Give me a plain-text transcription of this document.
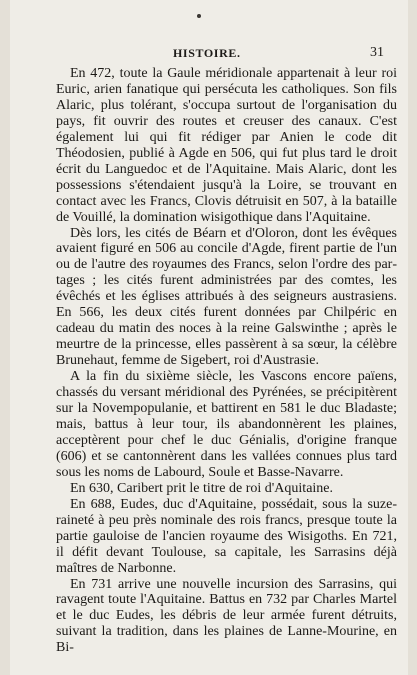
HISTOIRE.	31

En 472, toute la Gaule méridionale appartenait à leur roi Euric, arien fanatique qui persécuta les catholiques. Son fils Alaric, plus tolérant, s'occupa surtout de l'organisation du pays, fit ouvrir des routes et creuser des canaux. C'est également lui qui fit rédiger par Anien le code dit Théodosien, publié à Agde en 506, qui fut plus tard le droit écrit du Languedoc et de l'Aquitaine. Mais Alaric, dont les possessions s'étendaient jusqu'à la Loire, se trouvant en contact avec les Francs, Clovis détruisit en 507, à la bataille de Vouillé, la domination wisigothique dans l'Aquitaine.

Dès lors, les cités de Béarn et d'Oloron, dont les évêques avaient figuré en 506 au concile d'Agde, firent partie de l'un ou de l'autre des royaumes des Francs, selon l'ordre des partages ; les cités furent administrées par des comtes, les évêchés et les églises attribués à des seigneurs austrasiens. En 566, les deux cités furent données par Chilpéric en cadeau du matin des noces à la reine Galswinthe ; après le meurtre de la princesse, elles passèrent à sa sœur, la célèbre Brunehaut, femme de Sigebert, roi d'Austrasie.

A la fin du sixième siècle, les Vascons encore païens, chassés du versant méridional des Pyrénées, se précipitèrent sur la Novempopulanie, et battirent en 581 le duc Bladaste; mais, battus à leur tour, ils abandonnèrent les plaines, acceptèrent pour chef le duc Génialis, d'origine franque (606) et se cantonnèrent dans les vallées connues plus tard sous les noms de Labourd, Soule et Basse-Navarre.

En 630, Caribert prit le titre de roi d'Aquitaine.

En 688, Eudes, duc d'Aquitaine, possédait, sous la suzeraineté à peu près nominale des rois francs, presque toute la partie gauloise de l'ancien royaume des Wisigoths. En 721, il défit devant Toulouse, sa capitale, les Sarrasins déjà maîtres de Narbonne.

En 731 arrive une nouvelle incursion des Sarrasins, qui ravagent toute l'Aquitaine. Battus en 732 par Charles Martel et le duc Eudes, les débris de leur armée furent détruits, suivant la tradition, dans les plaines de Lanne-Mourine, en Bi-
